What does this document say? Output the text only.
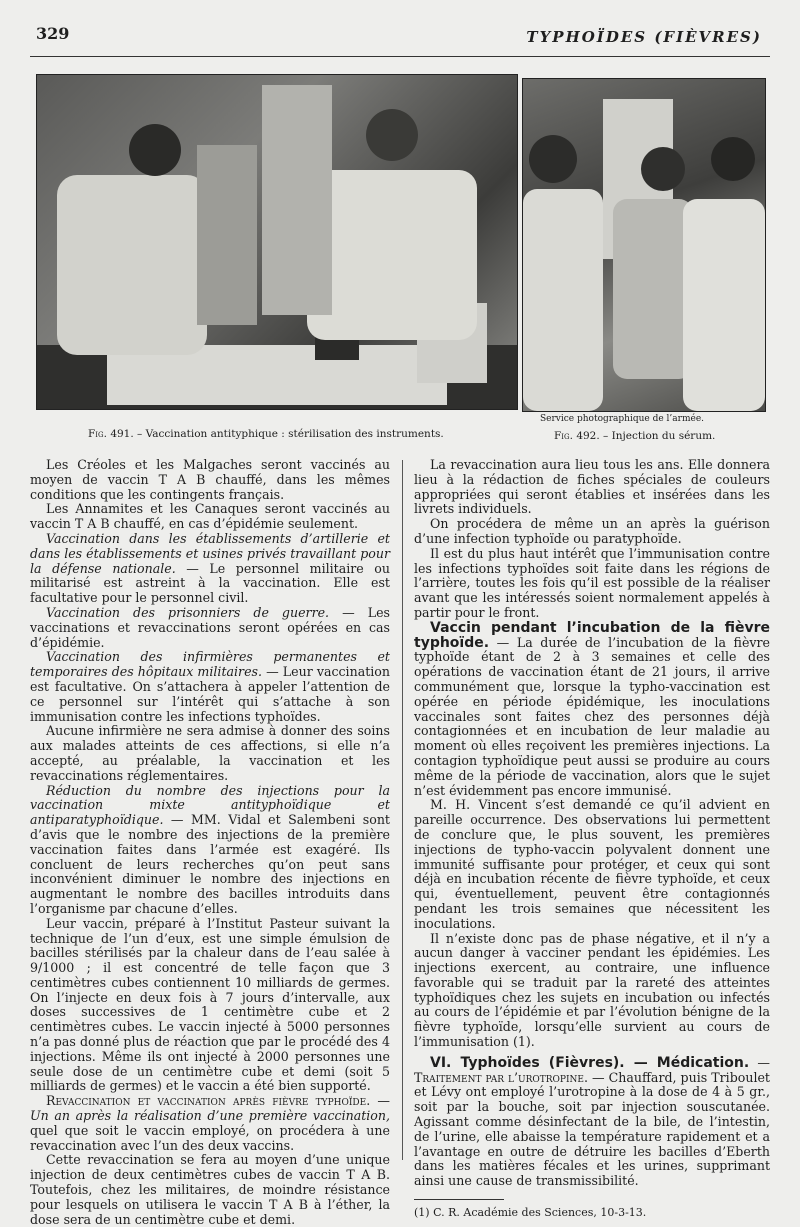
329	TYPHOÏDES (FIÈVRES)
Service photographique de l’armée.
Fig. 491. – Vaccination antityphique : stérilisation des instruments.	Fig. 492. – Injection du sérum.

Les Créoles et les Malgaches seront vaccinés au moyen de vaccin T A B chauffé, dans les mêmes conditions que les contingents français.

Les Annamites et les Canaques seront vaccinés au vaccin T A B chauffé, en cas d’épidémie seulement.

Vaccination dans les établissements d’artillerie et dans les établissements et usines privés travaillant pour la défense nationale. — Le personnel militaire ou militarisé est astreint à la vaccination. Elle est facultative pour le personnel civil.

Vaccination des prisonniers de guerre. — Les vaccinations et revaccinations seront opérées en cas d’épidémie.

Vaccination des infirmières permanentes et temporaires des hôpitaux militaires. — Leur vaccination est facultative. On s’attachera à appeler l’attention de ce personnel sur l’intérêt qui s’attache à son immunisation contre les infections typhoïdes.

Aucune infirmière ne sera admise à donner des soins aux malades atteints de ces affections, si elle n’a accepté, au préalable, la vaccination et les revaccinations réglementaires.

Réduction du nombre des injections pour la vaccination mixte antityphoïdique et antiparatyphoïdique. — MM. Vidal et Salembeni sont d’avis que le nombre des injections de la première vaccination faites dans l’armée est exagéré. Ils concluent de leurs recherches qu’on peut sans inconvénient diminuer le nombre des injections en augmentant le nombre des bacilles introduits dans l’organisme par chacune d’elles.

Leur vaccin, préparé à l’Institut Pasteur suivant la technique de l’un d’eux, est une simple émulsion de bacilles stérilisés par la chaleur dans de l’eau salée à 9/1000 ; il est concentré de telle façon que 3 centimètres cubes contiennent 10 milliards de germes. On l’injecte en deux fois à 7 jours d’intervalle, aux doses successives de 1 centimètre cube et 2 centimètres cubes. Le vaccin injecté à 5000 personnes n’a pas donné plus de réaction que par le procédé des 4 injections. Même ils ont injecté à 2000 personnes une seule dose de un centimètre cube et demi (soit 5 milliards de germes) et le vaccin a été bien supporté.

Revaccination et vaccination après fièvre typhoïde. — Un an après la réalisation d’une première vaccination, quel que soit le vaccin employé, on procédera à une revaccination avec l’un des deux vaccins.

Cette revaccination se fera au moyen d’une unique injection de deux centimètres cubes de vaccin T A B. Toutefois, chez les militaires, de moindre résistance pour lesquels on utilisera le vaccin T A B à l’éther, la dose sera de un centimètre cube et demi.

La revaccination aura lieu tous les ans. Elle donnera lieu à la rédaction de fiches spéciales de couleurs appropriées qui seront établies et insérées dans les livrets individuels.

On procédera de même un an après la guérison d’une infection typhoïde ou paratyphoïde.

Il est du plus haut intérêt que l’immunisation contre les infections typhoïdes soit faite dans les régions de l’arrière, toutes les fois qu’il est possible de la réaliser avant que les intéressés soient normalement appelés à partir pour le front.

Vaccin pendant l’incubation de la fièvre typhoïde. — La durée de l’incubation de la fièvre typhoïde étant de 2 à 3 semaines et celle des opérations de vaccination étant de 21 jours, il arrive communément que, lorsque la typho-vaccination est opérée en période épidémique, les inoculations vaccinales sont faites chez des personnes déjà contagionnées et en incubation de leur maladie au moment où elles reçoivent les premières injections. La contagion typhoïdique peut aussi se produire au cours même de la période de vaccination, alors que le sujet n’est évidemment pas encore immunisé.

M. H. Vincent s’est demandé ce qu’il advient en pareille occurrence. Des observations lui permettent de conclure que, le plus souvent, les premières injections de typho-vaccin polyvalent donnent une immunité suffisante pour protéger, et ceux qui sont déjà en incubation récente de fièvre typhoïde, et ceux qui, éventuellement, peuvent être contagionnés pendant les trois semaines que nécessitent les inoculations.

Il n’existe donc pas de phase négative, et il n’y a aucun danger à vacciner pendant les épidémies. Les injections exercent, au contraire, une influence favorable qui se traduit par la rareté des atteintes typhoïdiques chez les sujets en incubation ou infectés au cours de l’épidémie et par l’évolution bénigne de la fièvre typhoïde, lorsqu’elle survient au cours de l’immunisation (1).

VI. Typhoïdes (Fièvres). — Médication. — Traitement par l’urotropine. — Chauffard, puis Triboulet et Lévy ont employé l’urotropine à la dose de 4 à 5 gr., soit par la bouche, soit par injection souscutanée. Agissant comme désinfectant de la bile, de l’intestin, de l’urine, elle abaisse la température rapidement et a l’avantage en outre de détruire les bacilles d’Eberth dans les matières fécales et les urines, supprimant ainsi une cause de transmissibilité.

(1) C. R. Académie des Sciences, 10-3-13.
